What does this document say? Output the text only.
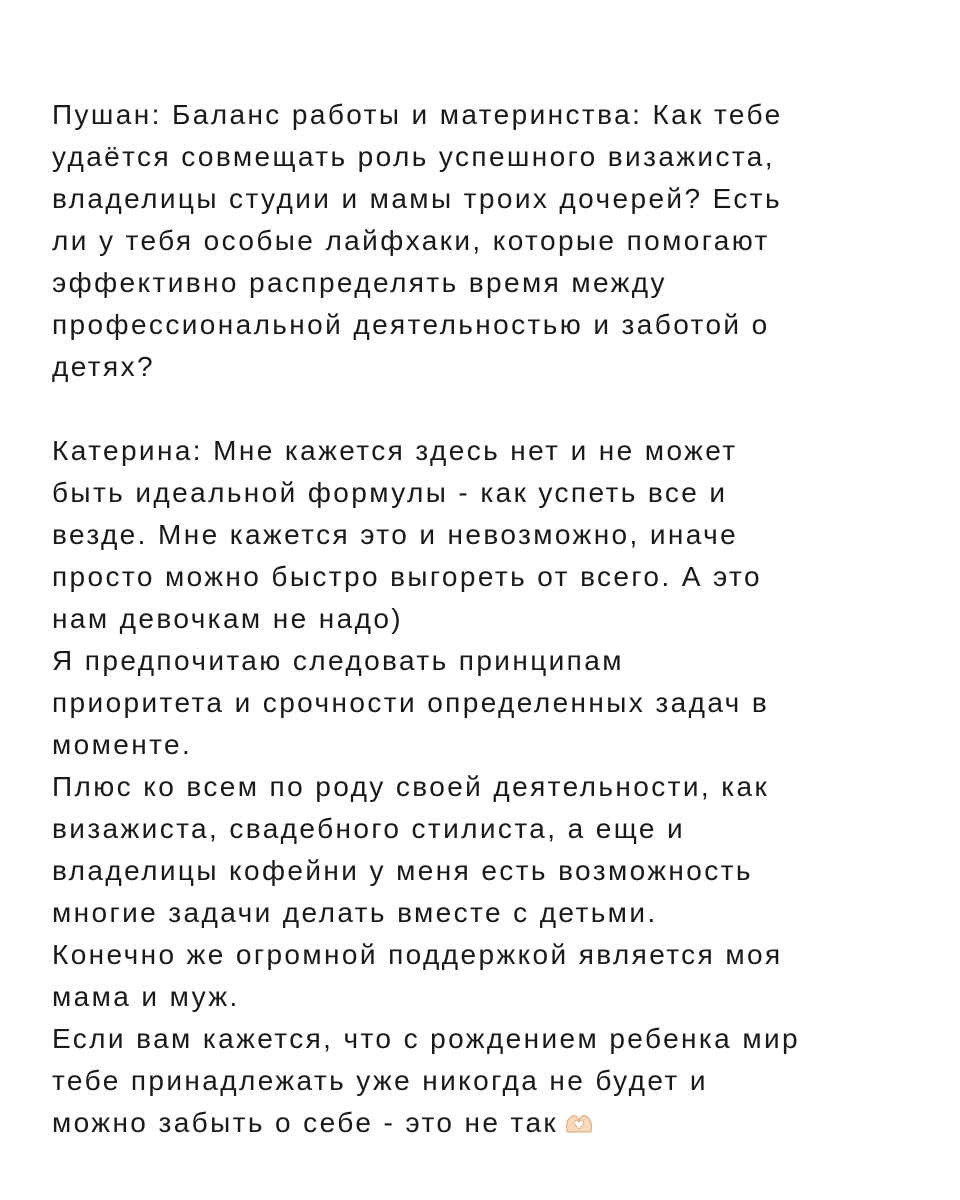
Пушан: Баланс работы и материнства: Как тебе
удаётся совмещать роль успешного визажиста,
владелицы студии и мамы троих дочерей? Есть
ли у тебя особые лайфхаки, которые помогают
эффективно распределять время между
профессиональной деятельностью и заботой о
детях?
Катерина: Мне кажется здесь нет и не может
быть идеальной формулы - как успеть все и
везде. Мне кажется это и невозможно, иначе
просто можно быстро выгореть от всего. А это
нам девочкам не надо)
Я предпочитаю следовать принципам
приоритета и срочности определенных задач в
моменте.
Плюс ко всем по роду своей деятельности, как
визажиста, свадебного стилиста, а еще и
владелицы кофейни у меня есть возможность
многие задачи делать вместе с детьми.
Конечно же огромной поддержкой является моя
мама и муж.
Если вам кажется, что с рождением ребенка мир
тебе принадлежать уже никогда не будет и
можно забыть о себе - это не так
